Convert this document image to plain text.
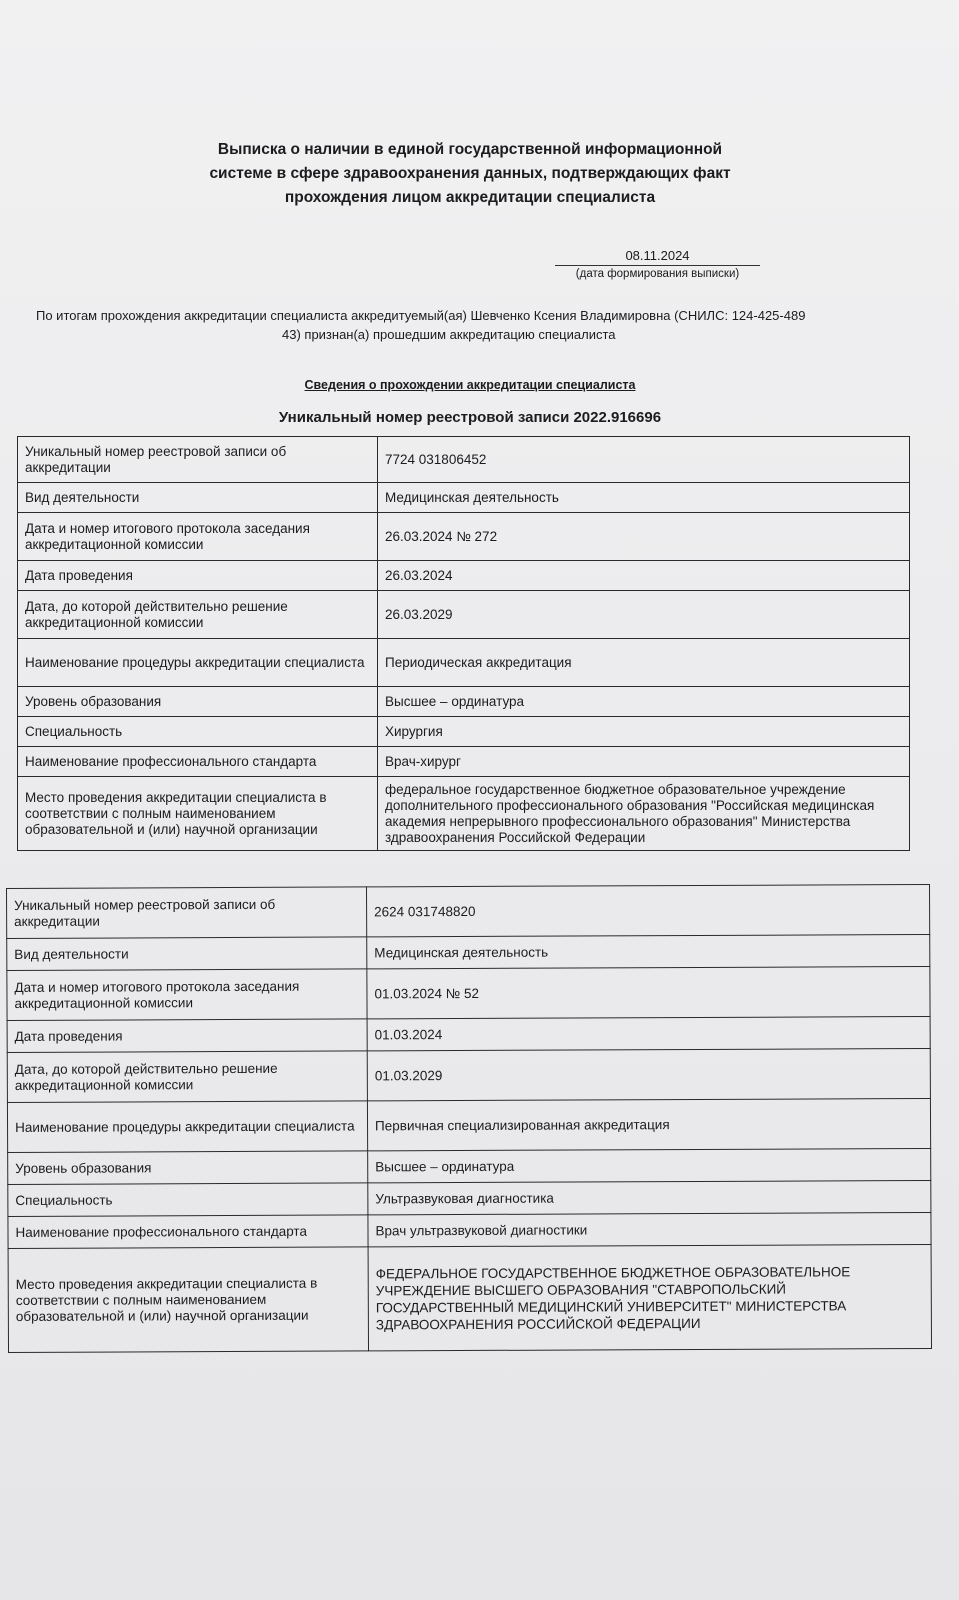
Выписка о наличии в единой государственной информационной
системе в сфере здравоохранения данных, подтверждающих факт
прохождения лицом аккредитации специалиста
08.11.2024
(дата формирования выписки)
По итогам прохождения аккредитации специалиста аккредитуемый(ая) Шевченко Ксения Владимировна (СНИЛС: 124-425-489
43) признан(а) прошедшим аккредитацию специалиста
Сведения о прохождении аккредитации специалиста
Уникальный номер реестровой записи 2022.916696
Уникальный номер реестровой записи об аккредитации	7724 031806452
Вид деятельности	Медицинская деятельность
Дата и номер итогового протокола заседания аккредитационной комиссии	26.03.2024 № 272
Дата проведения	26.03.2024
Дата, до которой действительно решение аккредитационной комиссии	26.03.2029
Наименование процедуры аккредитации специалиста	Периодическая аккредитация
Уровень образования	Высшее – ординатура
Специальность	Хирургия
Наименование профессионального стандарта	Врач-хирург
Место проведения аккредитации специалиста в соответствии с полным наименованием образовательной и (или) научной организации	федеральное государственное бюджетное образовательное учреждение дополнительного профессионального образования "Российская медицинская академия непрерывного профессионального образования" Министерства здравоохранения Российской Федерации
Уникальный номер реестровой записи об аккредитации	2624 031748820
Вид деятельности	Медицинская деятельность
Дата и номер итогового протокола заседания аккредитационной комиссии	01.03.2024 № 52
Дата проведения	01.03.2024
Дата, до которой действительно решение аккредитационной комиссии	01.03.2029
Наименование процедуры аккредитации специалиста	Первичная специализированная аккредитация
Уровень образования	Высшее – ординатура
Специальность	Ультразвуковая диагностика
Наименование профессионального стандарта	Врач ультразвуковой диагностики
Место проведения аккредитации специалиста в соответствии с полным наименованием образовательной и (или) научной организации	ФЕДЕРАЛЬНОЕ ГОСУДАРСТВЕННОЕ БЮДЖЕТНОЕ ОБРАЗОВАТЕЛЬНОЕ УЧРЕЖДЕНИЕ ВЫСШЕГО ОБРАЗОВАНИЯ "СТАВРОПОЛЬСКИЙ ГОСУДАРСТВЕННЫЙ МЕДИЦИНСКИЙ УНИВЕРСИТЕТ" МИНИСТЕРСТВА ЗДРАВООХРАНЕНИЯ РОССИЙСКОЙ ФЕДЕРАЦИИ
